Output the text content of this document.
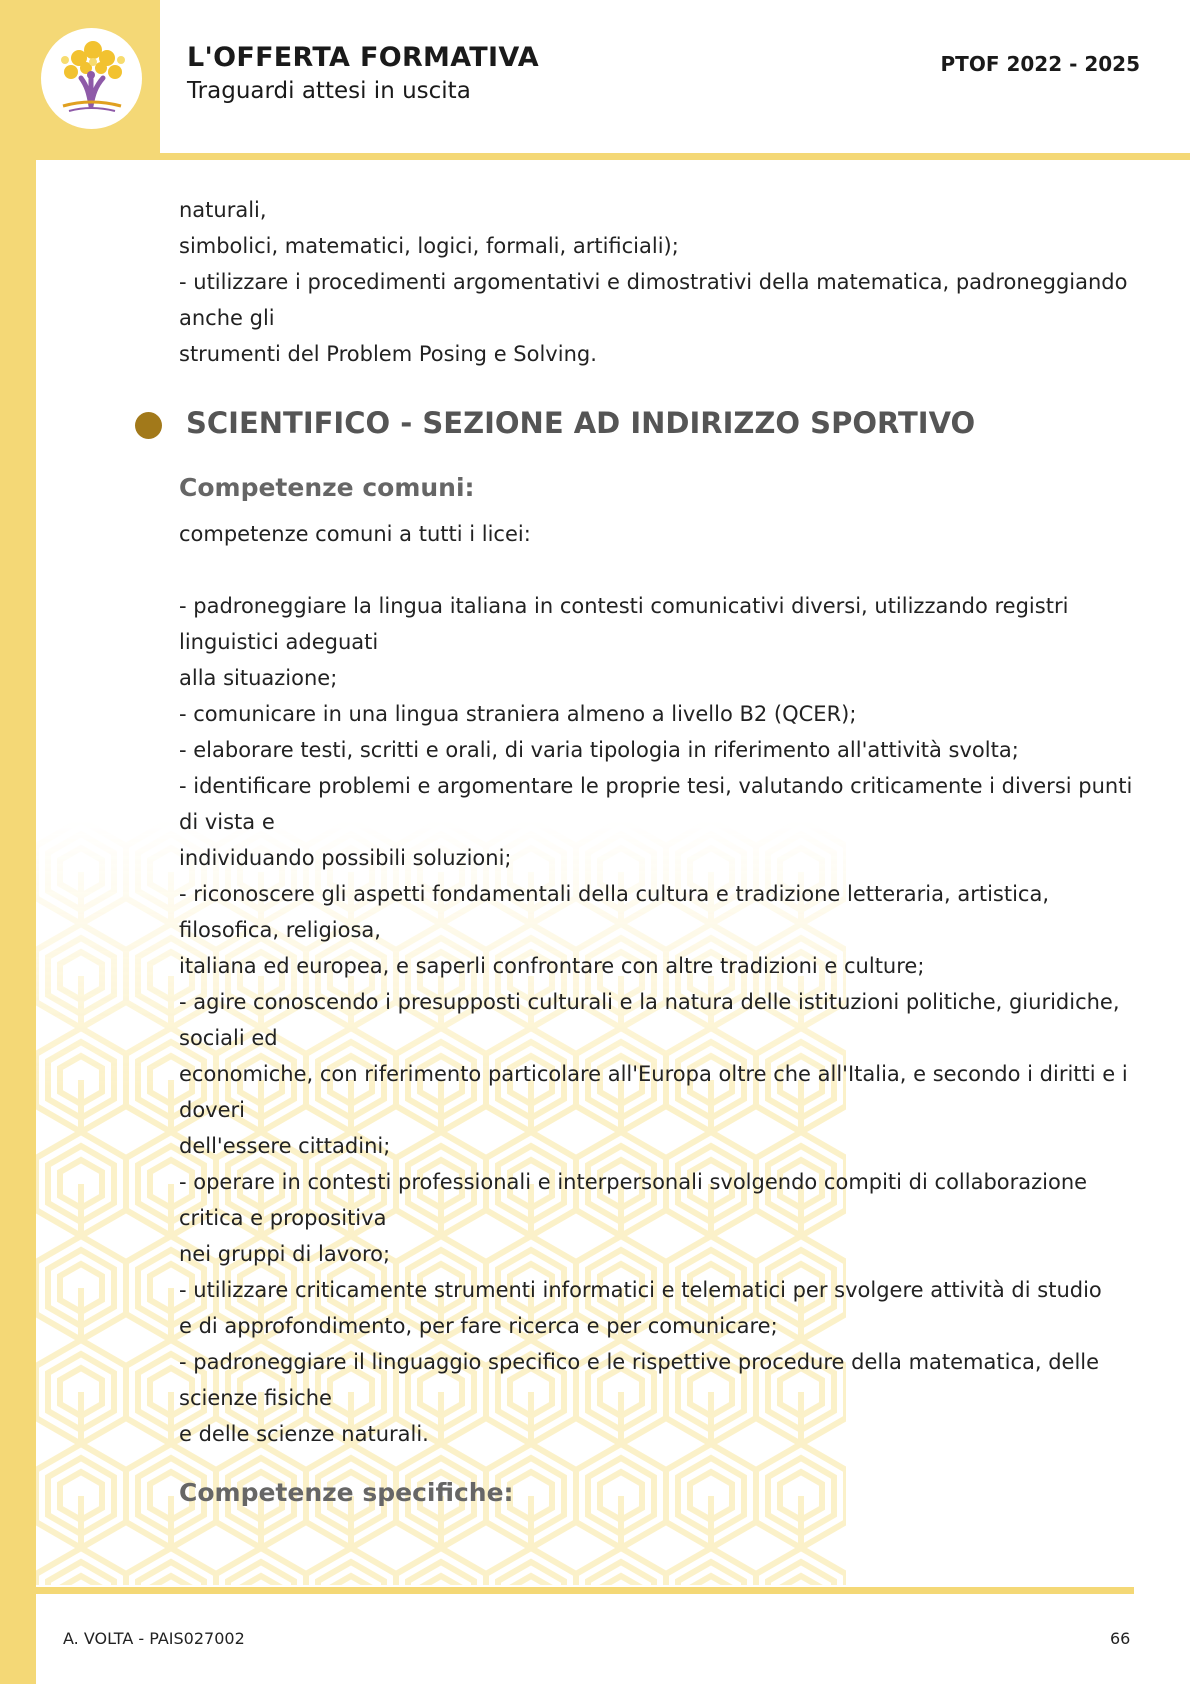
L'OFFERTA FORMATIVA
Traguardi attesi in uscita
PTOF 2022 - 2025
naturali,
simbolici, matematici, logici, formali, artificiali);
- utilizzare i procedimenti argomentativi e dimostrativi della matematica, padroneggiando
anche gli
strumenti del Problem Posing e Solving.
SCIENTIFICO - SEZIONE AD INDIRIZZO SPORTIVO
Competenze comuni:
competenze comuni a tutti i licei:
- padroneggiare la lingua italiana in contesti comunicativi diversi, utilizzando registri
linguistici adeguati
alla situazione;
- comunicare in una lingua straniera almeno a livello B2 (QCER);
- elaborare testi, scritti e orali, di varia tipologia in riferimento all'attività svolta;
- identificare problemi e argomentare le proprie tesi, valutando criticamente i diversi punti
di vista e
individuando possibili soluzioni;
- riconoscere gli aspetti fondamentali della cultura e tradizione letteraria, artistica,
filosofica, religiosa,
italiana ed europea, e saperli confrontare con altre tradizioni e culture;
- agire conoscendo i presupposti culturali e la natura delle istituzioni politiche, giuridiche,
sociali ed
economiche, con riferimento particolare all'Europa oltre che all'Italia, e secondo i diritti e i
doveri
dell'essere cittadini;
- operare in contesti professionali e interpersonali svolgendo compiti di collaborazione
critica e propositiva
nei gruppi di lavoro;
- utilizzare criticamente strumenti informatici e telematici per svolgere attività di studio
e di approfondimento, per fare ricerca e per comunicare;
- padroneggiare il linguaggio specifico e le rispettive procedure della matematica, delle
scienze fisiche
e delle scienze naturali.
Competenze specifiche:
A. VOLTA - PAIS027002	66
